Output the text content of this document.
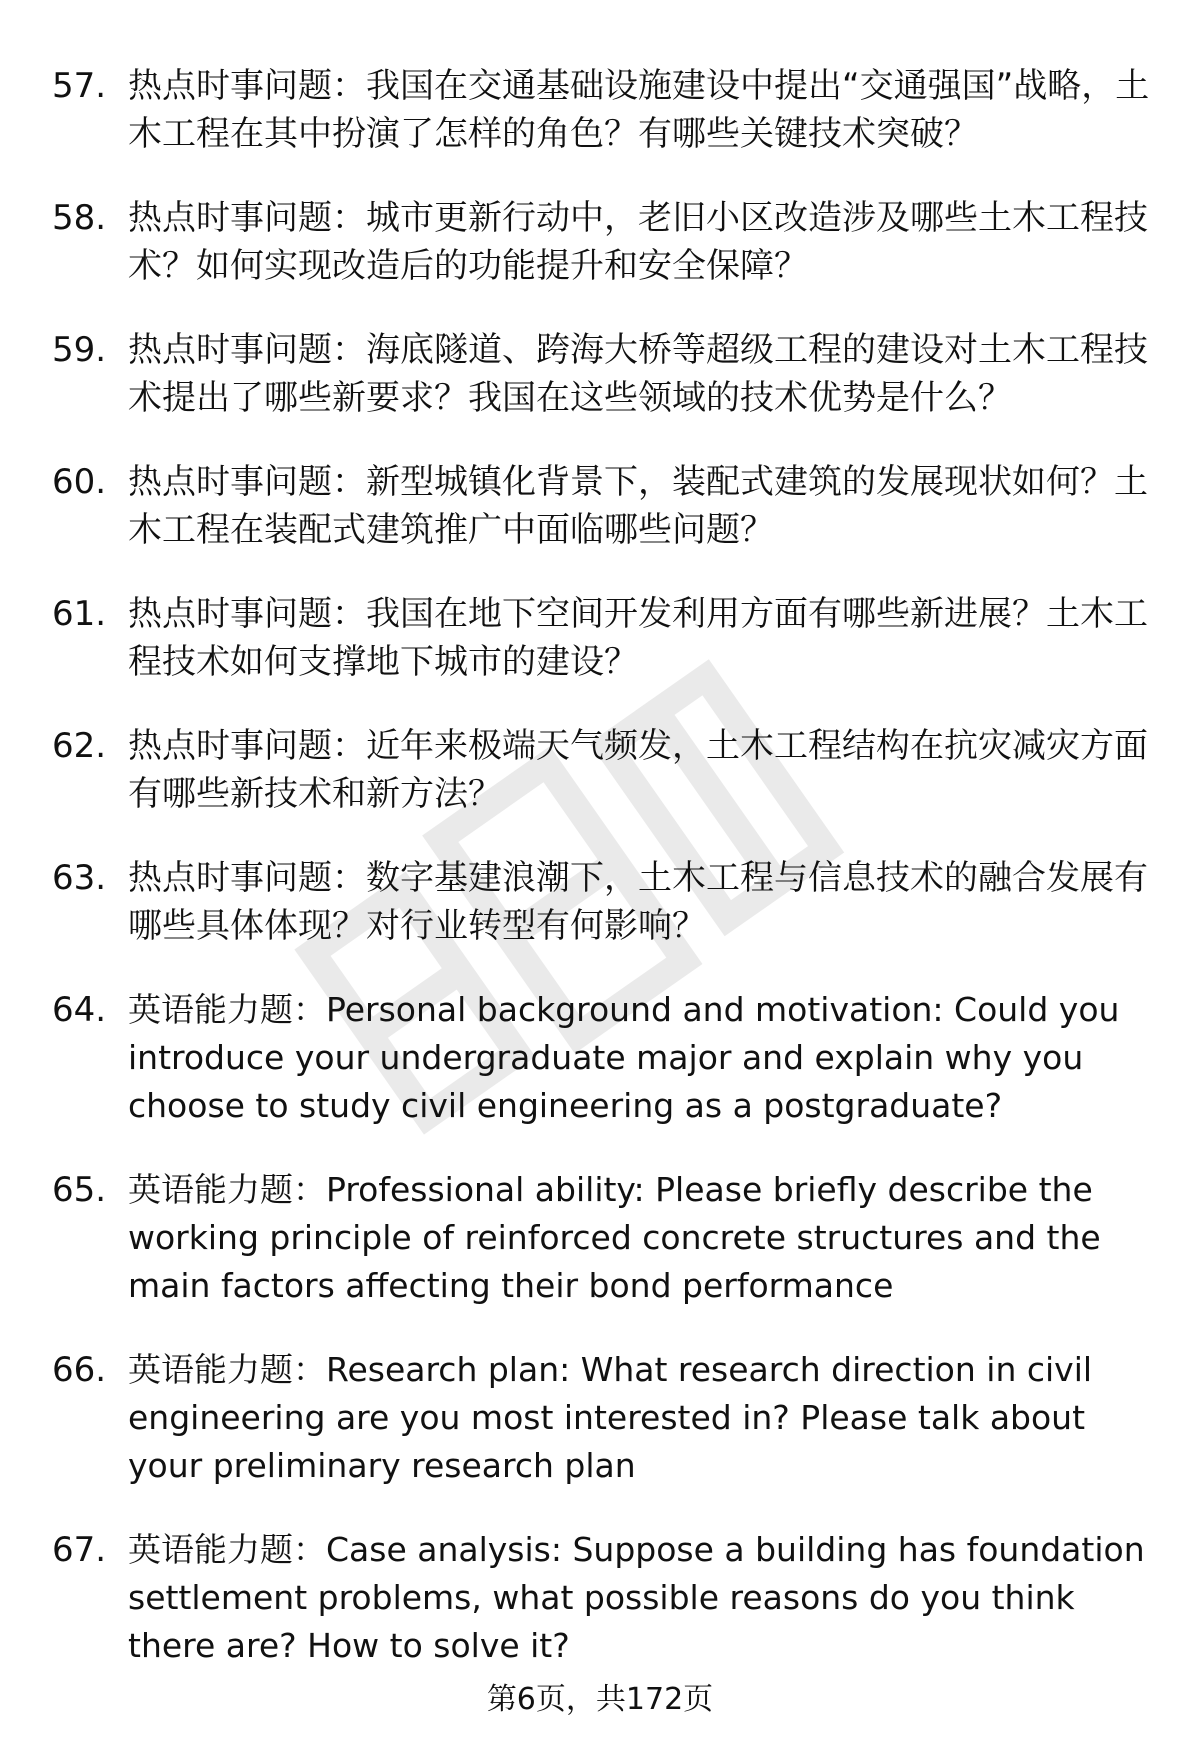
57. 热点时事问题：我国在交通基础设施建设中提出“交通强国”战略，土木工程在其中扮演了怎样的角色？有哪些关键技术突破？
58. 热点时事问题：城市更新行动中，老旧小区改造涉及哪些土木工程技术？如何实现改造后的功能提升和安全保障？
59. 热点时事问题：海底隧道、跨海大桥等超级工程的建设对土木工程技术提出了哪些新要求？我国在这些领域的技术优势是什么？
60. 热点时事问题：新型城镇化背景下，装配式建筑的发展现状如何？土木工程在装配式建筑推广中面临哪些问题？
61. 热点时事问题：我国在地下空间开发利用方面有哪些新进展？土木工程技术如何支撑地下城市的建设？
62. 热点时事问题：近年来极端天气频发，土木工程结构在抗灾减灾方面有哪些新技术和新方法？
63. 热点时事问题：数字基建浪潮下，土木工程与信息技术的融合发展有哪些具体体现？对行业转型有何影响？
64. 英语能力题：Personal background and motivation: Could you introduce your undergraduate major and explain why you choose to study civil engineering as a postgraduate?
65. 英语能力题：Professional ability: Please briefly describe the working principle of reinforced concrete structures and the main factors affecting their bond performance
66. 英语能力题：Research plan: What research direction in civil engineering are you most interested in? Please talk about your preliminary research plan
67. 英语能力题：Case analysis: Suppose a building has foundation settlement problems, what possible reasons do you think there are? How to solve it?
第6页，共172页
